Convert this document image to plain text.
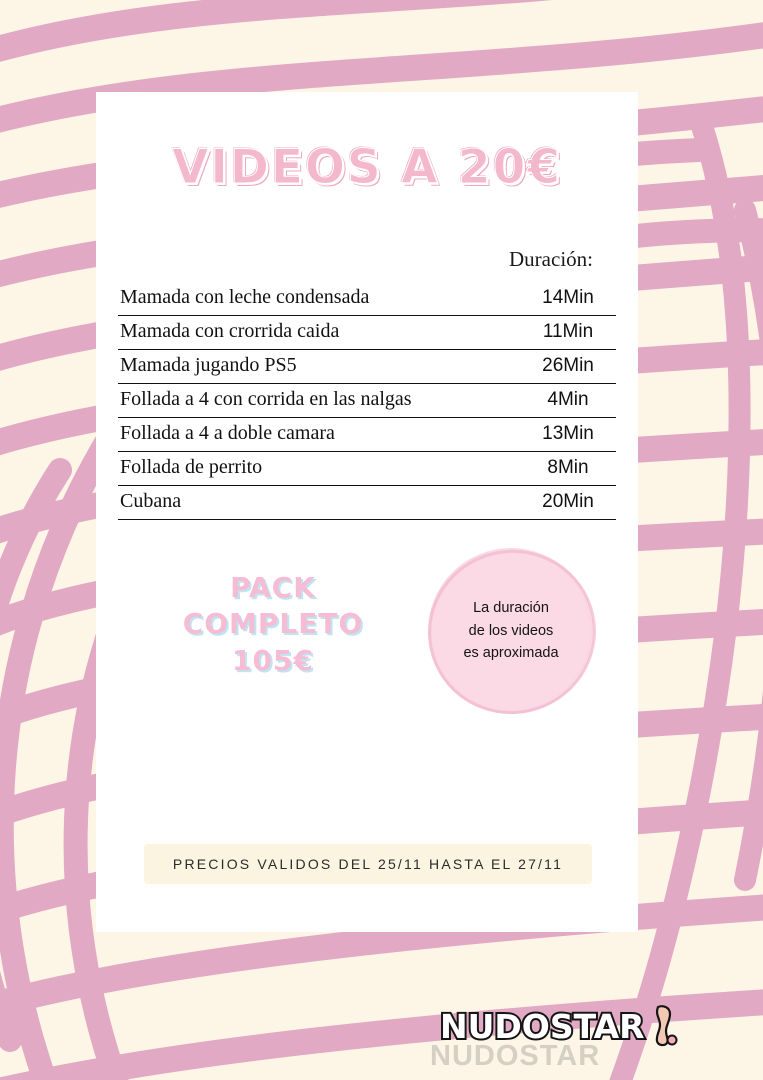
VIDEOS A 20€
Duración:
Mamada con leche condensada	14Min
Mamada con crorrida caida	11Min
Mamada jugando PS5	26Min
Follada a 4 con corrida en las nalgas	4Min
Follada a 4 a doble camara	13Min
Follada de perrito	8Min
Cubana	20Min
PACK
COMPLETO
105€
La duración
de los videos
es aproximada
PRECIOS VALIDOS DEL 25/11 HASTA EL 27/11
NUDOSTAR
NUDOSTAR
